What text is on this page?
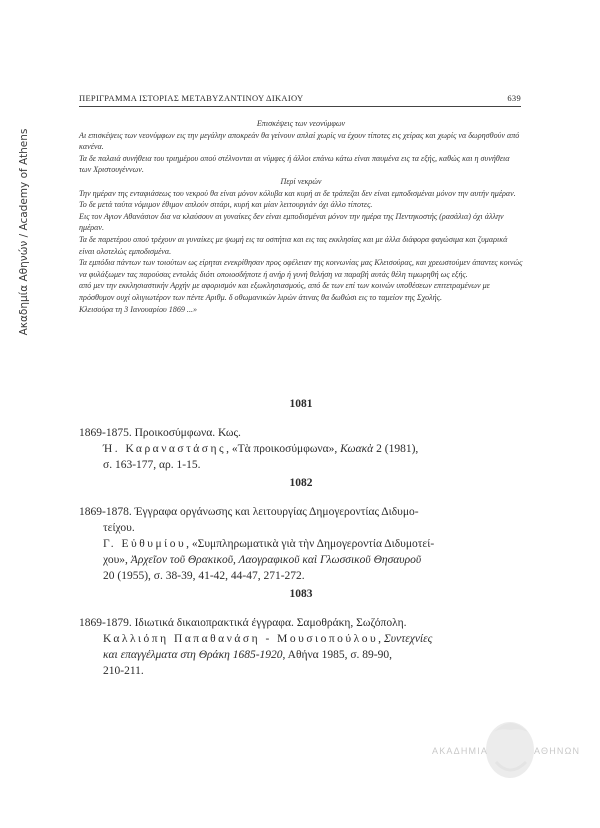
Ακαδημία Αθηνών / Academy of Athens
ΠΕΡΙΓΡΑΜΜΑ ΙΣΤΟΡΙΑΣ ΜΕΤΑΒΥΖΑΝΤΙΝΟΥ ΔΙΚΑΙΟΥ	639

Επισκέψεις των νεονύμφων

Αι επισκέψεις των νεονύμφων εις την μεγάλην αποκρεάν θα γείνουν απλαί χωρίς να έχουν τίποτες εις χείρας και χωρίς να δωρησθούν από κανένα.

Τα δε παλαιά συνήθεια του τριημέρου οπού στέλνονται αι νύμφες ή άλλοι επάνω κάτω είναι παυμένα εις τα εξής, καθώς και η συνήθεια των Χριστουγέννων.

Περί νεκρών

Την ημέραν της ενταφιάσεως του νεκρού θα είναι μόνον κόλυβα και κυρή αι δε τράπεζαι δεν είναι εμποδισμέναι μόνον την αυτήν ημέραν. Το δε μετά ταύτα νόμιμον έθιμον απλούν σιτάρι, κυρή και μίαν λειτουργιάν όχι άλλο τίποτες.

Εις τον Αγιον Αθανάσιον δια να κλαύσουν αι γυναίκες δεν είναι εμποδισμέναι μόνον την ημέρα της Πεντηκοστής (ρασάλια) όχι άλλην ημέραν.

Τα δε παρετέρου οπού τρέχουν αι γυναίκες με ψωμή εις τα οσπήτια και εις τας εκκλησίας και με άλλα διάφορα φαγώσιμα και ζυμαρικά είναι ολοτελώς εμποδισμένα.

Τα εμπόδια πάντων των τοιούτων ως είρηται ενεκρίθησαν προς οφέλειαν της κοινωνίας μας Κλεισούρας, και χρεωστούμεν άπαντες κοινώς να φυλάξωμεν τας παρούσας εντολάς διότι οποιοσδήποτε ή ανήρ ή γυνή θελήση να παραβή αυτάς θέλη τιμωρηθή ως εξής.

από μεν την εκκλησιαστικήν Αρχήν με αφορισμόν και εξωκλησιασμούς, από δε των επί των κοινών υποθέσεων επιτετραμένων με πρόσθυμον ουχί ολιγιωτέρον των πέντε Αριθμ. δ οθωμανικών λιρών άτινας θα δωθώσι εις το ταμείον της Σχολής.

Κλεισούρα τη 3 Ιανουαρίου 1869 ...»

1081
1869-1875. Προικοσύμφωνα. Κως.
Ή. Καραναστάσης, «Τὰ προικοσύμφωνα», Κωακὰ 2 (1981),
σ. 163-177, αρ. 1-15.
1082
1869-1878. Έγγραφα οργάνωσης και λειτουργίας Δημογεροντίας Διδυμο-

τείχου.
Γ. Εὐθυμίου, «Συμπληρωματικὰ γιὰ τὴν Δημογεροντία Διδυμοτεί-
χου», Ἀρχεῖον τοῦ Θρακικοῦ, Λαογραφικοῦ καὶ Γλωσσικοῦ Θησαυροῦ
20 (1955), σ. 38-39, 41-42, 44-47, 271-272.
1083
1869-1879. Ιδιωτικά δικαιοπρακτικά έγγραφα. Σαμοθράκη, Σωζόπολη.
Καλλιόπη Παπαθανάση - Μουσιοπούλου, Συντεχνίες
και επαγγέλματα στη Θράκη 1685-1920, Αθήνα 1985, σ. 89-90,
210-211.
ΑΚΑΔΗΜΙΑ	ΑΘΗΝΩΝ
